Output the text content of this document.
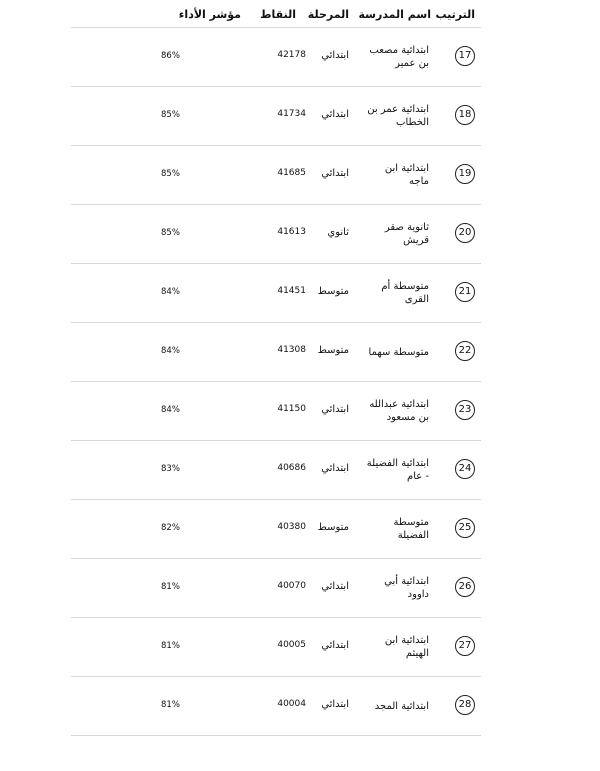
الترتيب
اسم المدرسة
المرحلة
النقاط
مؤشر الأداء
17
ابتدائية مصعب بن عمير
ابتدائي
42178
86%
18
ابتدائية عمر بن الخطاب
ابتدائي
41734
85%
19
ابتدائية ابن ماجه
ابتدائي
41685
85%
20
ثانوية صقر قريش
ثانوي
41613
85%
21
متوسطة أم القرى
متوسط
41451
84%
22
متوسطة سهما
متوسط
41308
84%
23
ابتدائية عبدالله بن مسعود
ابتدائي
41150
84%
24
ابتدائية الفضيلة - عام
ابتدائي
40686
83%
25
متوسطة الفضيلة
متوسط
40380
82%
26
ابتدائية أبي داوود
ابتدائي
40070
81%
27
ابتدائية ابن الهيثم
ابتدائي
40005
81%
28
ابتدائية المجد
ابتدائي
40004
81%
